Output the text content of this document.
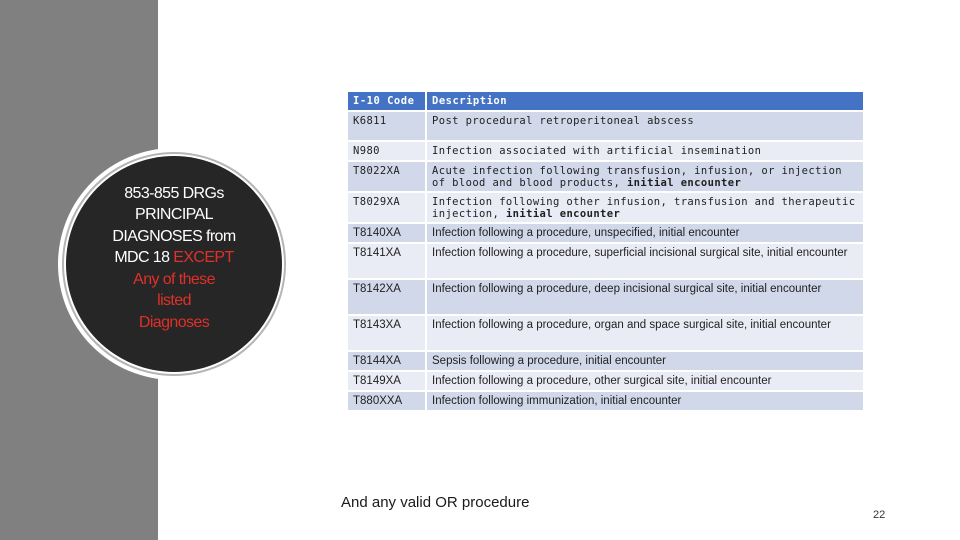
853-855 DRGs
PRINCIPAL
DIAGNOSES from
MDC 18 EXCEPT
Any of these
listed
Diagnoses
I-10 Code	Description
K6811	Post procedural retroperitoneal abscess
N980	Infection associated with artificial insemination
T8022XA	Acute infection following transfusion, infusion, or injection of blood and blood products, initial encounter
T8029XA	Infection following other infusion, transfusion and therapeutic injection, initial encounter
T8140XA	Infection following a procedure, unspecified, initial encounter
T8141XA	Infection following a procedure, superficial incisional surgical site, initial encounter
T8142XA	Infection following a procedure, deep incisional surgical site, initial encounter
T8143XA	Infection following a procedure, organ and space surgical site, initial encounter
T8144XA	Sepsis following a procedure, initial encounter
T8149XA	Infection following a procedure, other surgical site, initial encounter
T880XXA	Infection following immunization, initial encounter
And any valid OR procedure
22
